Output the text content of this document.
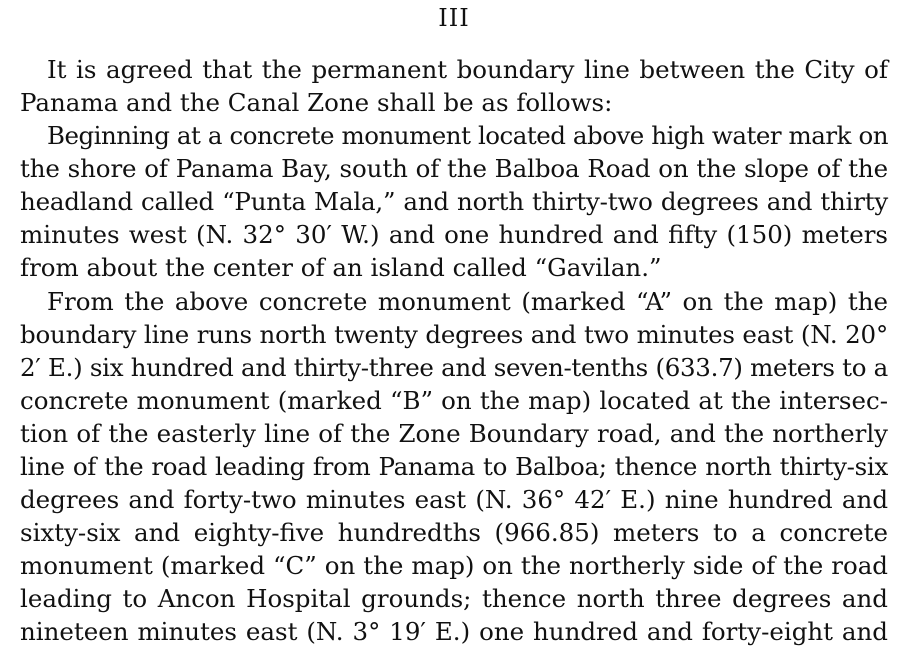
III
It is agreed that the permanent boundary line between the City of
Panama and the Canal Zone shall be as follows:
Beginning at a concrete monument located above high water mark on
the shore of Panama Bay, south of the Balboa Road on the slope of the
headland called “Punta Mala,” and north thirty-two degrees and thirty
minutes west (N. 32° 30′ W.) and one hundred and fifty (150) meters
from about the center of an island called “Gavilan.”
From the above concrete monument (marked “A” on the map) the
boundary line runs north twenty degrees and two minutes east (N. 20°
2′ E.) six hundred and thirty-three and seven-tenths (633.7) meters to a
concrete monument (marked “B” on the map) located at the intersec-
tion of the easterly line of the Zone Boundary road, and the northerly
line of the road leading from Panama to Balboa; thence north thirty-six
degrees and forty-two minutes east (N. 36° 42′ E.) nine hundred and
sixty-six and eighty-five hundredths (966.85) meters to a concrete
monument (marked “C” on the map) on the northerly side of the road
leading to Ancon Hospital grounds; thence north three degrees and
nineteen minutes east (N. 3° 19′ E.) one hundred and forty-eight and
